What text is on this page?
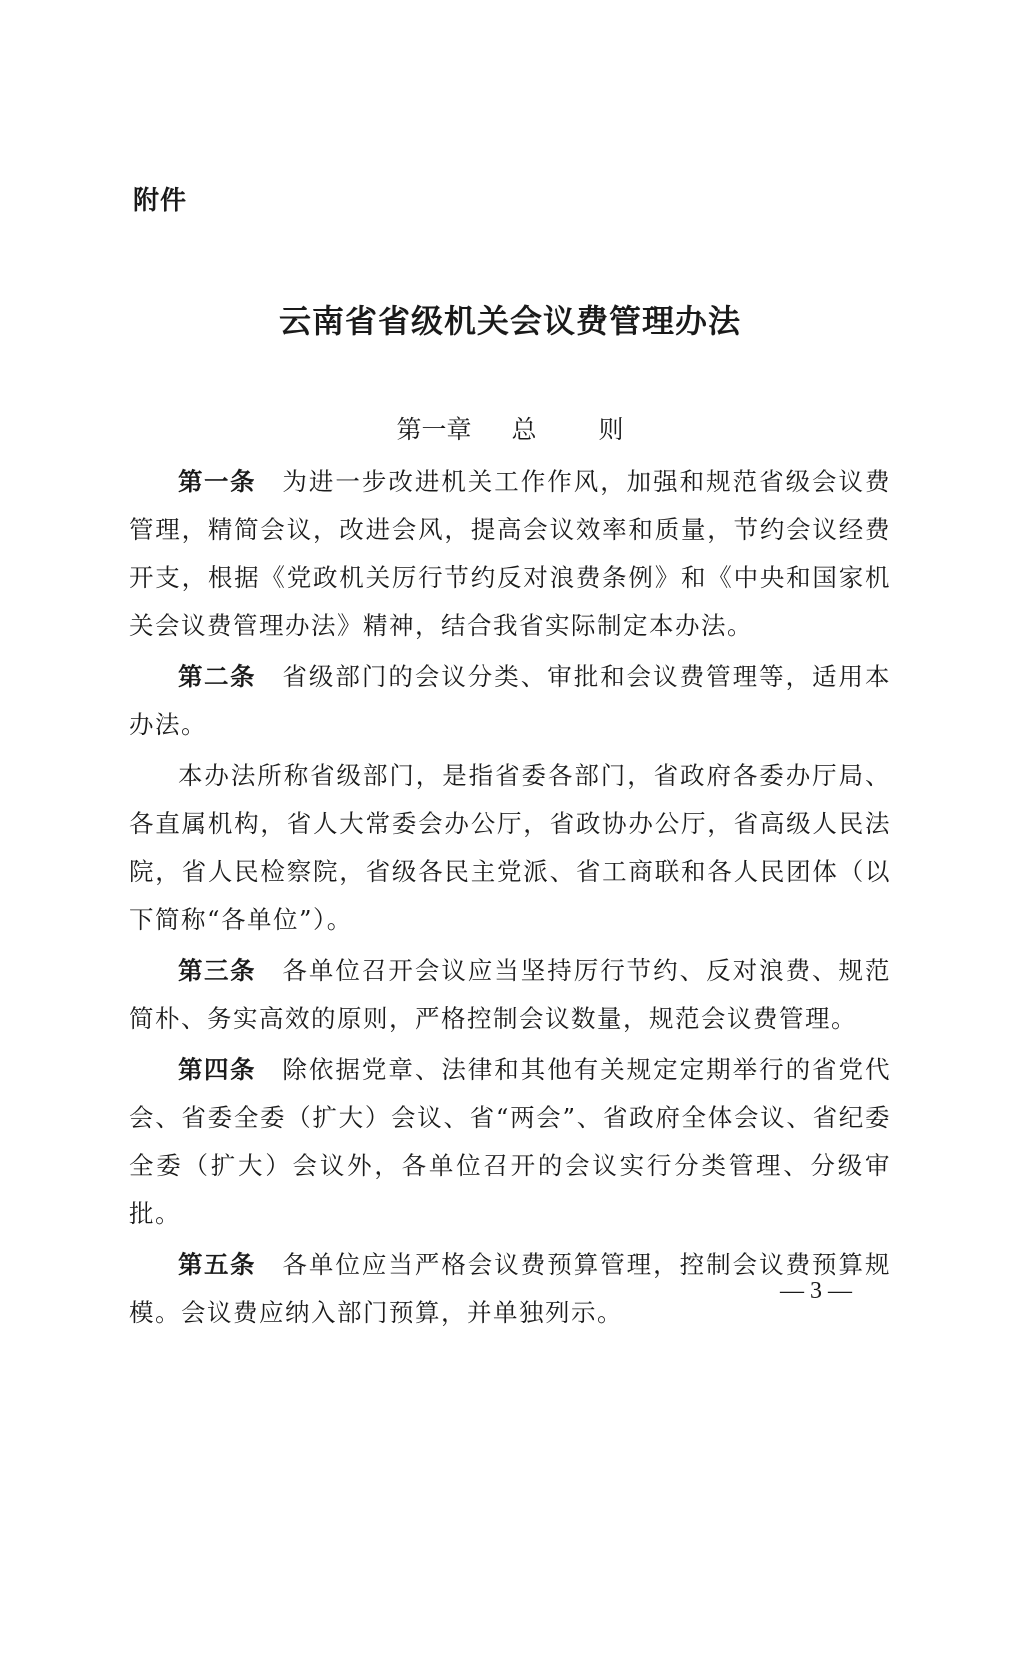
附件
云南省省级机关会议费管理办法
第一章 总 则

第一条 为进一步改进机关工作作风，加强和规范省级会议费管理，精简会议，改进会风，提高会议效率和质量，节约会议经费开支，根据《党政机关厉行节约反对浪费条例》和《中央和国家机关会议费管理办法》精神，结合我省实际制定本办法。

第二条 省级部门的会议分类、审批和会议费管理等，适用本办法。

本办法所称省级部门，是指省委各部门，省政府各委办厅局、各直属机构，省人大常委会办公厅，省政协办公厅，省高级人民法院，省人民检察院，省级各民主党派、省工商联和各人民团体（以下简称“各单位”）。

第三条 各单位召开会议应当坚持厉行节约、反对浪费、规范简朴、务实高效的原则，严格控制会议数量，规范会议费管理。

第四条 除依据党章、法律和其他有关规定定期举行的省党代会、省委全委（扩大）会议、省“两会”、省政府全体会议、省纪委全委（扩大）会议外，各单位召开的会议实行分类管理、分级审批。

第五条 各单位应当严格会议费预算管理，控制会议费预算规模。会议费应纳入部门预算，并单独列示。

— 3 —
